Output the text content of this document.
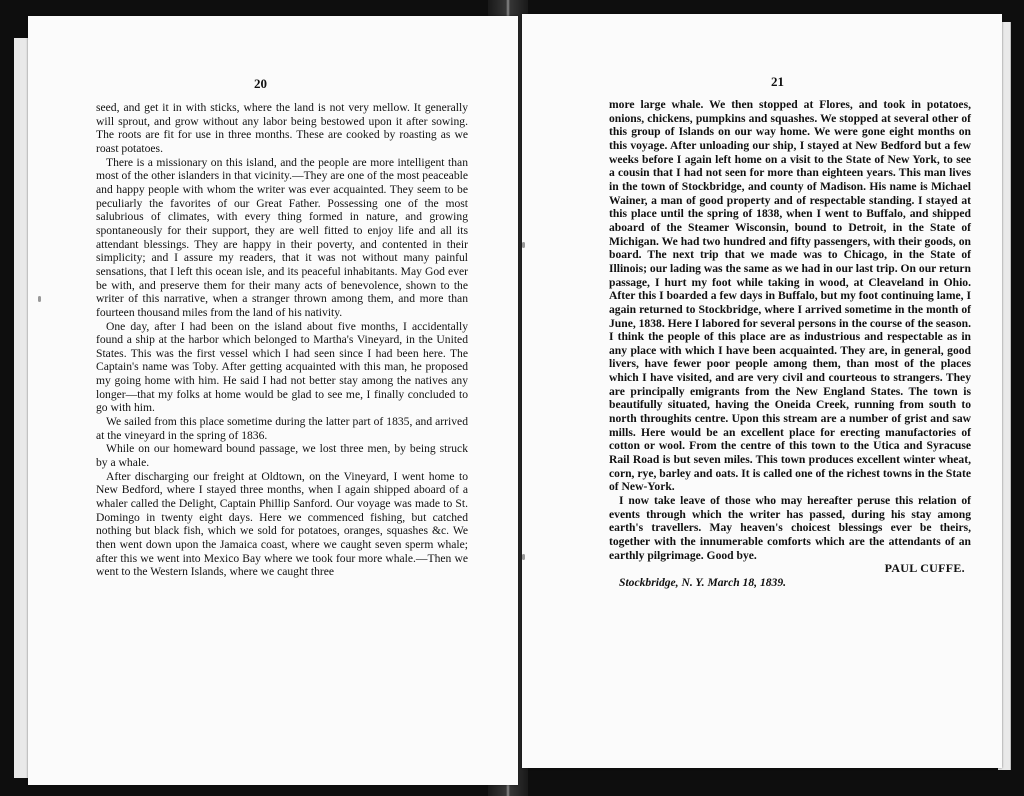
20

seed, and get it in with sticks, where the land is not very mellow. It generally will sprout, and grow without any labor being bestowed upon it after sowing. The roots are fit for use in three months. These are cooked by roasting as we roast potatoes.

There is a missionary on this island, and the people are more intelligent than most of the other islanders in that vicinity.—They are one of the most peaceable and happy people with whom the writer was ever acquainted. They seem to be peculiarly the favorites of our Great Father. Possessing one of the most salubrious of climates, with every thing formed in nature, and growing spontaneously for their support, they are well fitted to enjoy life and all its attendant blessings. They are happy in their poverty, and contented in their simplicity; and I assure my readers, that it was not without many painful sensations, that I left this ocean isle, and its peaceful inhabitants. May God ever be with, and preserve them for their many acts of benevolence, shown to the writer of this narrative, when a stranger thrown among them, and more than fourteen thousand miles from the land of his nativity.

One day, after I had been on the island about five months, I accidentally found a ship at the harbor which belonged to Martha's Vineyard, in the United States. This was the first vessel which I had seen since I had been here. The Captain's name was Toby. After getting acquainted with this man, he proposed my going home with him. He said I had not better stay among the natives any longer—that my folks at home would be glad to see me, I finally concluded to go with him.

We sailed from this place sometime during the latter part of 1835, and arrived at the vineyard in the spring of 1836.

While on our homeward bound passage, we lost three men, by being struck by a whale.

After discharging our freight at Oldtown, on the Vineyard, I went home to New Bedford, where I stayed three months, when I again shipped aboard of a whaler called the Delight, Captain Phillip Sanford. Our voyage was made to St. Domingo in twenty eight days. Here we commenced fishing, but catched nothing but black fish, which we sold for potatoes, oranges, squashes &c. We then went down upon the Jamaica coast, where we caught seven sperm whale; after this we went into Mexico Bay where we took four more whale.—Then we went to the Western Islands, where we caught three

21

more large whale. We then stopped at Flores, and took in potatoes, onions, chickens, pumpkins and squashes. We stopped at several other of this group of Islands on our way home. We were gone eight months on this voyage. After unloading our ship, I stayed at New Bedford but a few weeks before I again left home on a visit to the State of New York, to see a cousin that I had not seen for more than eighteen years. This man lives in the town of Stockbridge, and county of Madison. His name is Michael Wainer, a man of good property and of respectable standing. I stayed at this place until the spring of 1838, when I went to Buffalo, and shipped aboard of the Steamer Wisconsin, bound to Detroit, in the State of Michigan. We had two hundred and fifty passengers, with their goods, on board. The next trip that we made was to Chicago, in the State of Illinois; our lading was the same as we had in our last trip. On our return passage, I hurt my foot while taking in wood, at Cleaveland in Ohio. After this I boarded a few days in Buffalo, but my foot continuing lame, I again returned to Stockbridge, where I arrived sometime in the month of June, 1838. Here I labored for several persons in the course of the season. I think the people of this place are as industrious and respectable as in any place with which I have been acquainted. They are, in general, good livers, have fewer poor people among them, than most of the places which I have visited, and are very civil and courteous to strangers. They are principally emigrants from the New England States. The town is beautifully situated, having the Oneida Creek, running from south to north throughits centre. Upon this stream are a number of grist and saw mills. Here would be an excellent place for erecting manufactories of cotton or wool. From the centre of this town to the Utica and Syracuse Rail Road is but seven miles. This town produces excellent winter wheat, corn, rye, barley and oats. It is called one of the richest towns in the State of New-York.

I now take leave of those who may hereafter peruse this relation of events through which the writer has passed, during his stay among earth's travellers. May heaven's choicest blessings ever be theirs, together with the innumerable comforts which are the attendants of an earthly pilgrimage. Good bye.

PAUL CUFFE.

Stockbridge, N. Y. March 18, 1839.
